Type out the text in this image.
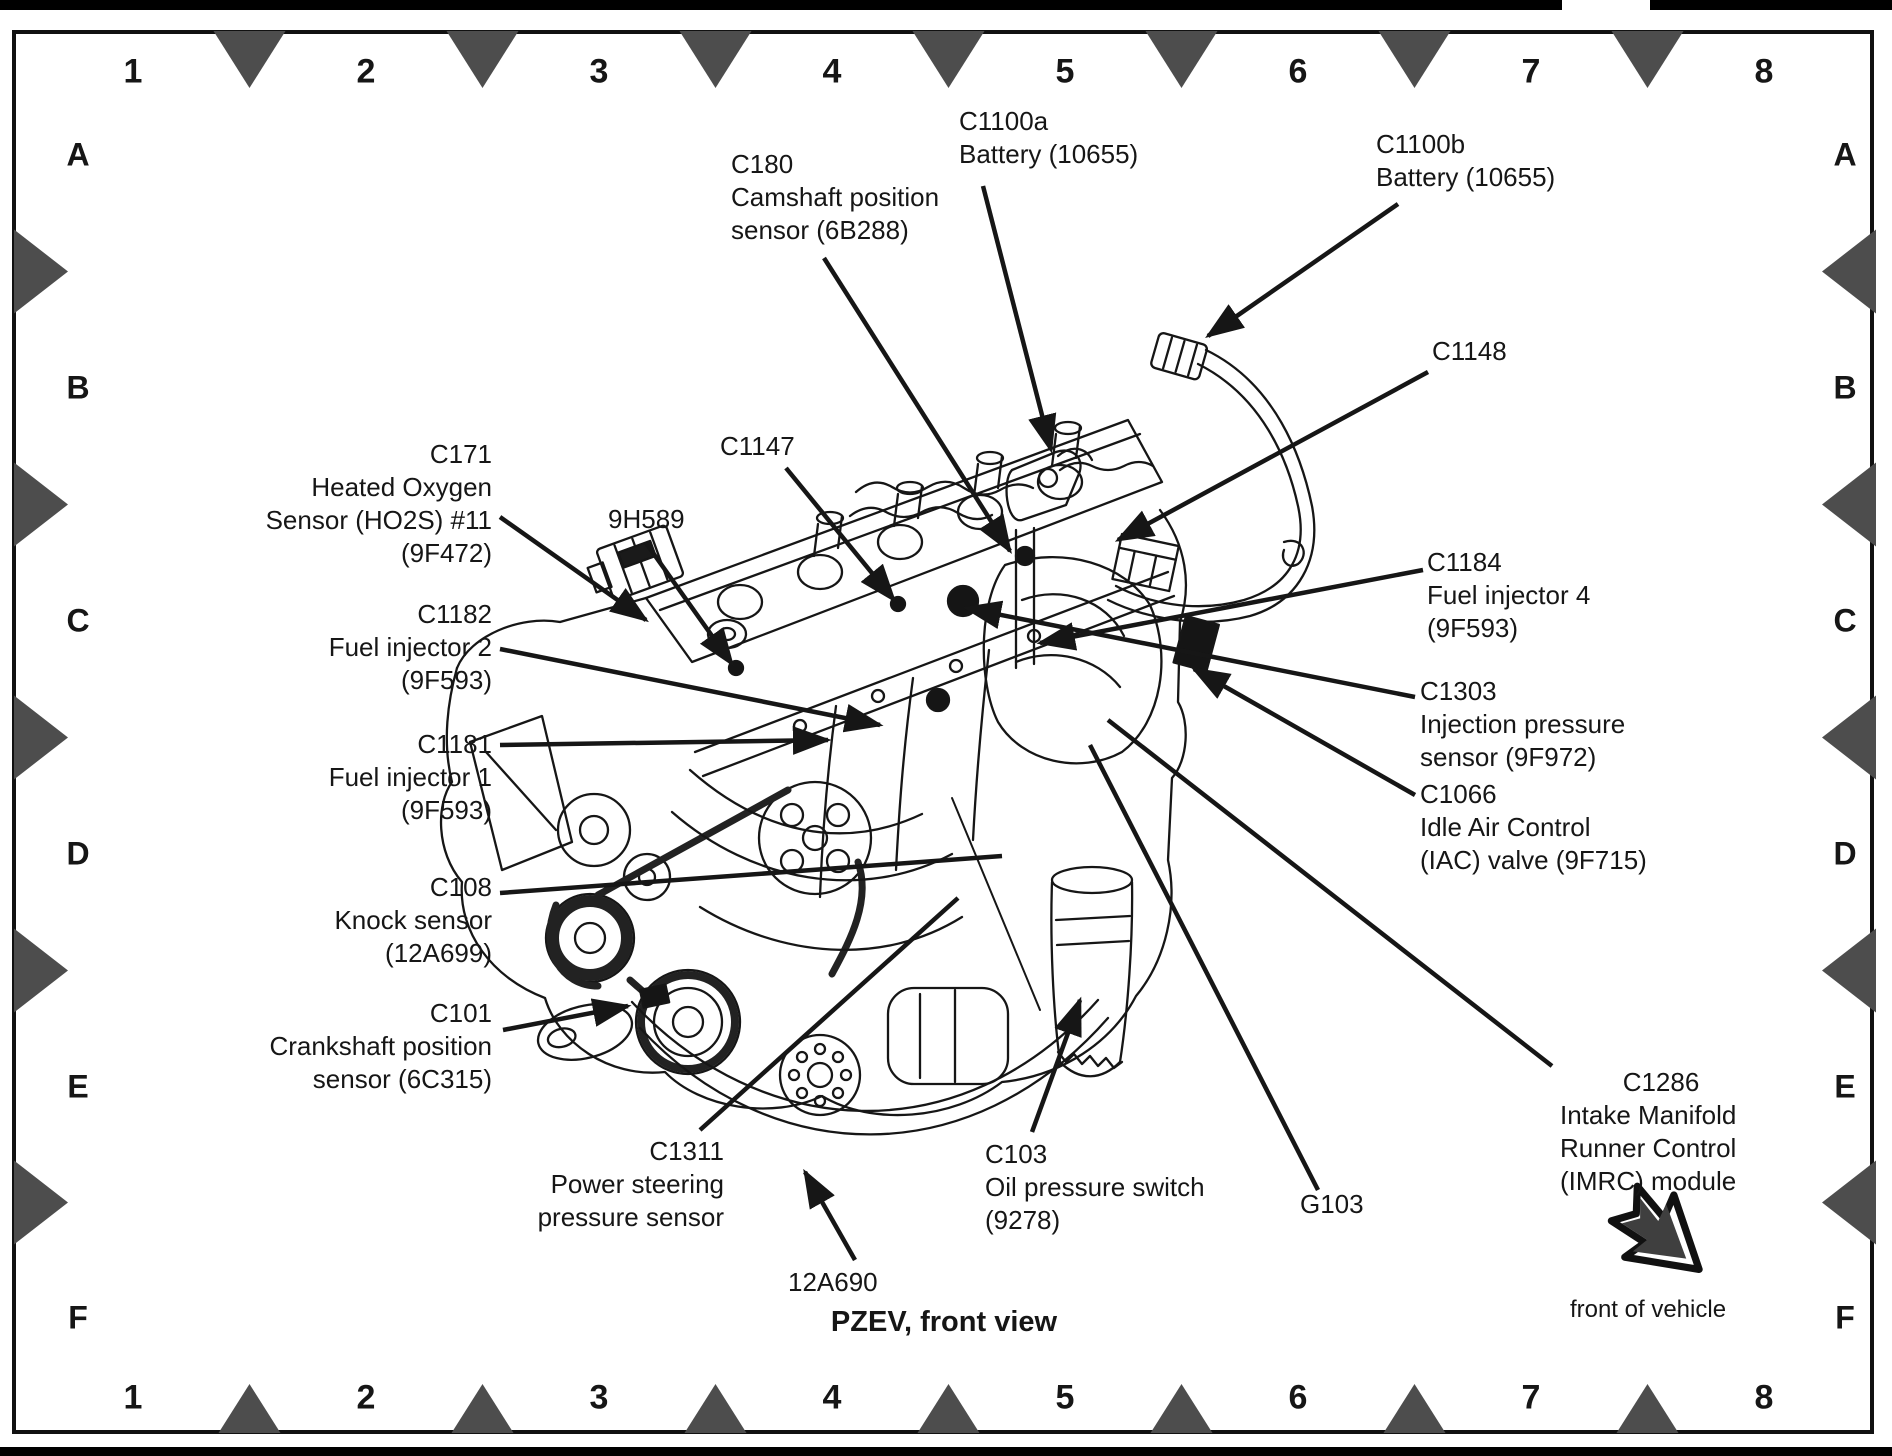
1
1
2
2
3
3
4
4
5
5
6
6
7
7
8
8
A	A
B	B
C	C
D	D
E	E
F	F
C180
Camshaft position
sensor (6B288)
C1100a
Battery (10655)	C1100b
Battery (10655)
C1148
C171
Heated Oxygen
Sensor (HO2S) #11
(9F472)
9H589
C1147
C1182
Fuel injector 2
(9F593)
C1181
Fuel injector 1
(9F593)
C108
Knock sensor
(12A699)
C101
Crankshaft position
sensor (6C315)
C1311
Power steering
pressure sensor
12A690
C103
Oil pressure switch
(9278)
G103
C1286
Intake Manifold
Runner Control
(IMRC) module
C1184
Fuel injector 4
(9F593)
C1303
Injection pressure
sensor (9F972)
C1066
Idle Air Control
(IAC) valve (9F715)
PZEV, front view	front of vehicle
